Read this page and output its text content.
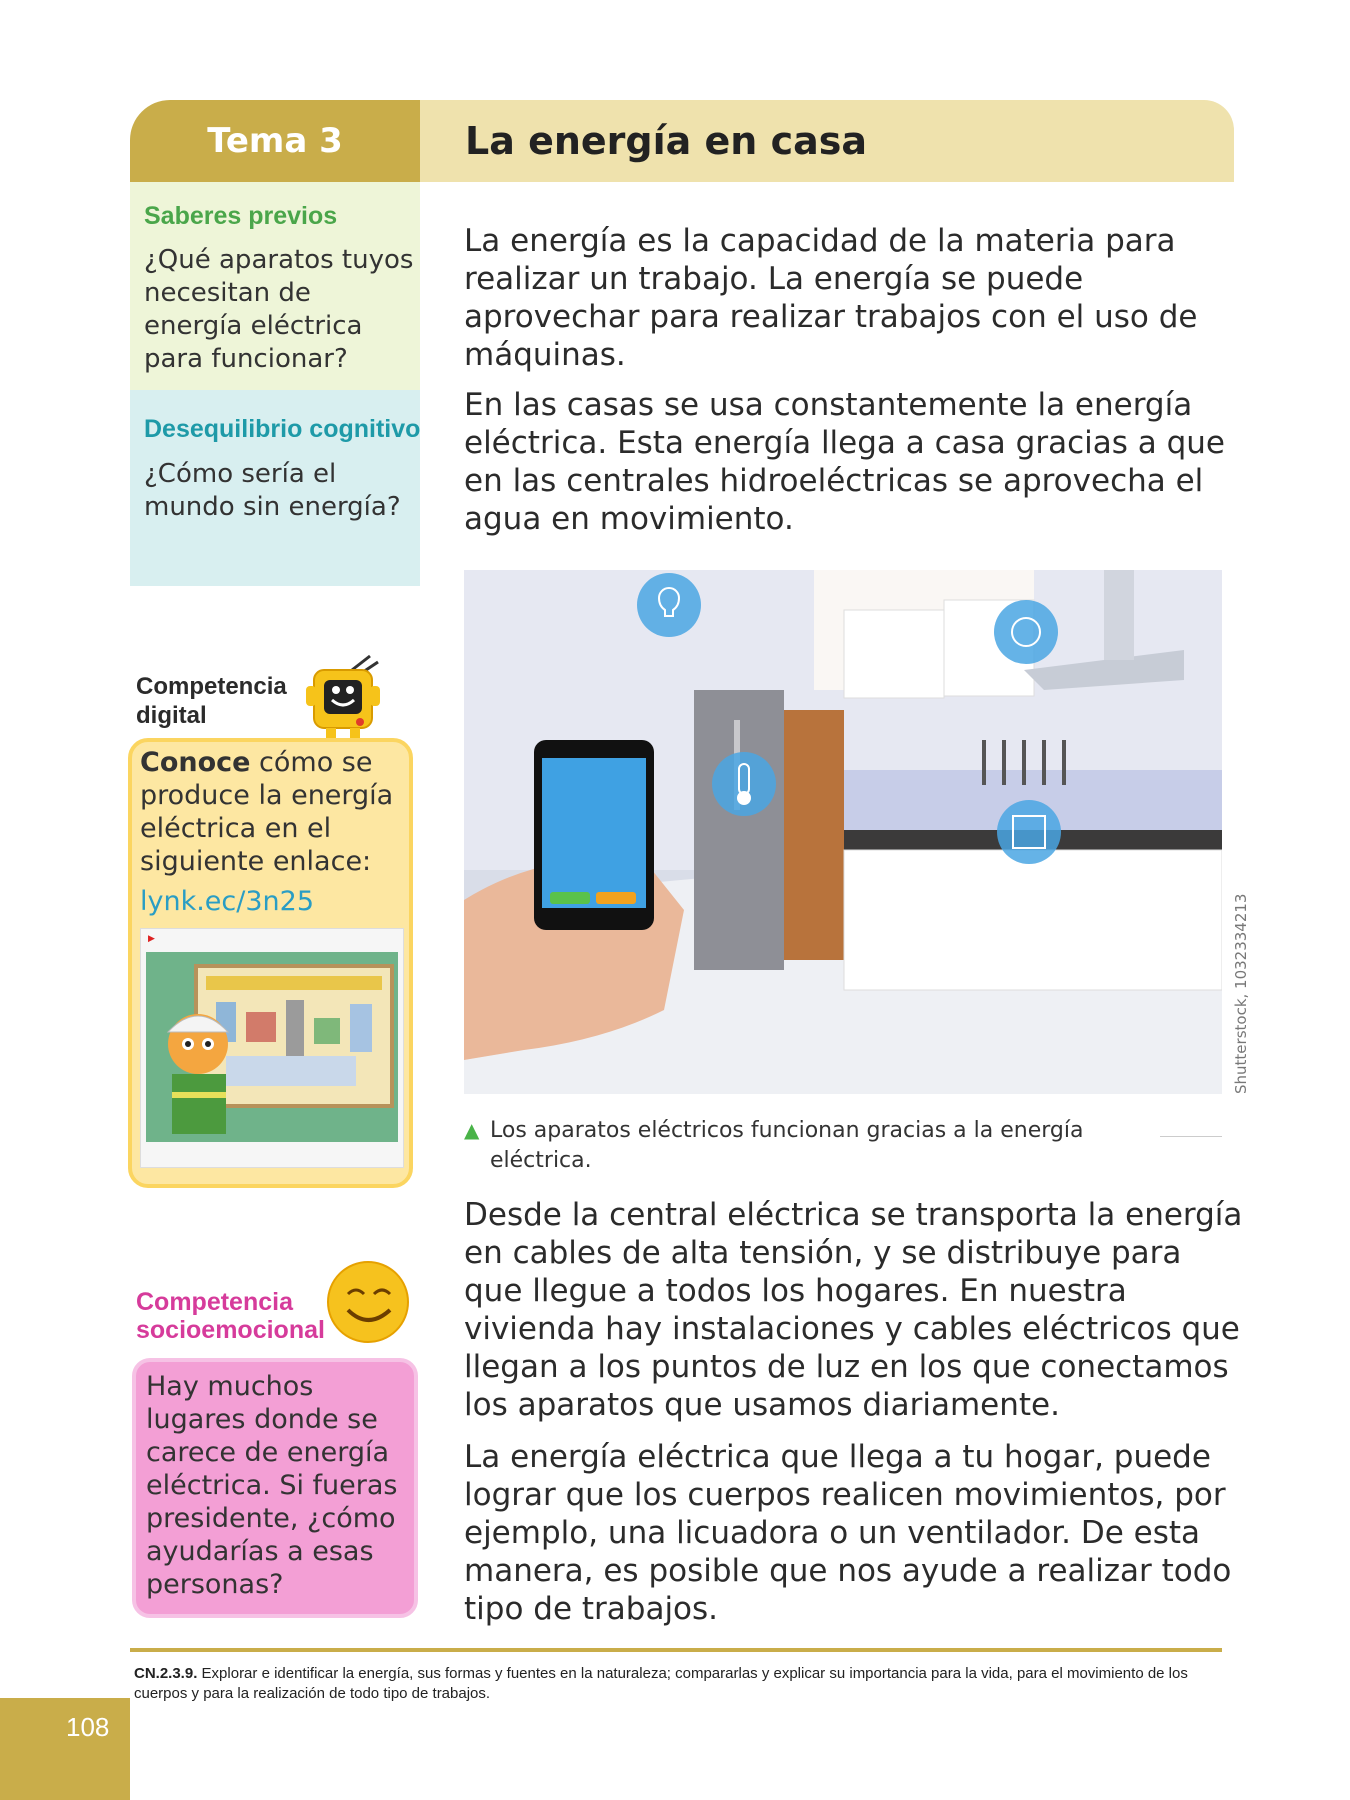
Tema 3	La energía en casa
Saberes previos
¿Qué aparatos tuyos necesitan de energía eléctrica para funcionar?
Desequilibrio cognitivo
¿Cómo sería el mundo sin energía?
Competencia digital
Conoce cómo se produce la energía eléctrica en el siguiente enlace:
lynk.ec/3n25
▶
Competencia socioemocional
Hay muchos lugares donde se carece de energía eléctrica. Si fueras presidente, ¿cómo ayudarías a esas personas?
La energía es la capacidad de la materia para realizar un trabajo. La energía se puede aprovechar para realizar trabajos con el uso de máquinas.
En las casas se usa constantemente la energía eléctrica. Esta energía llega a casa gracias a que en las centrales hidroeléctricas se aprovecha el agua en movimiento.
Shutterstock, 1032334213
▲ Los aparatos eléctricos funcionan gracias a la energía eléctrica.
Desde la central eléctrica se transporta la energía en cables de alta tensión, y se distribuye para que llegue a todos los hogares. En nuestra vivienda hay instalaciones y cables eléctricos que llegan a los puntos de luz en los que conectamos los aparatos que usamos diariamente.
La energía eléctrica que llega a tu hogar, puede lograr que los cuerpos realicen movimientos, por ejemplo, una licuadora o un ventilador. De esta manera, es posible que nos ayude a realizar todo tipo de trabajos.
CN.2.3.9. Explorar e identificar la energía, sus formas y fuentes en la naturaleza; compararlas y explicar su importancia para la vida, para el movimiento de los cuerpos y para la realización de todo tipo de trabajos.
108
